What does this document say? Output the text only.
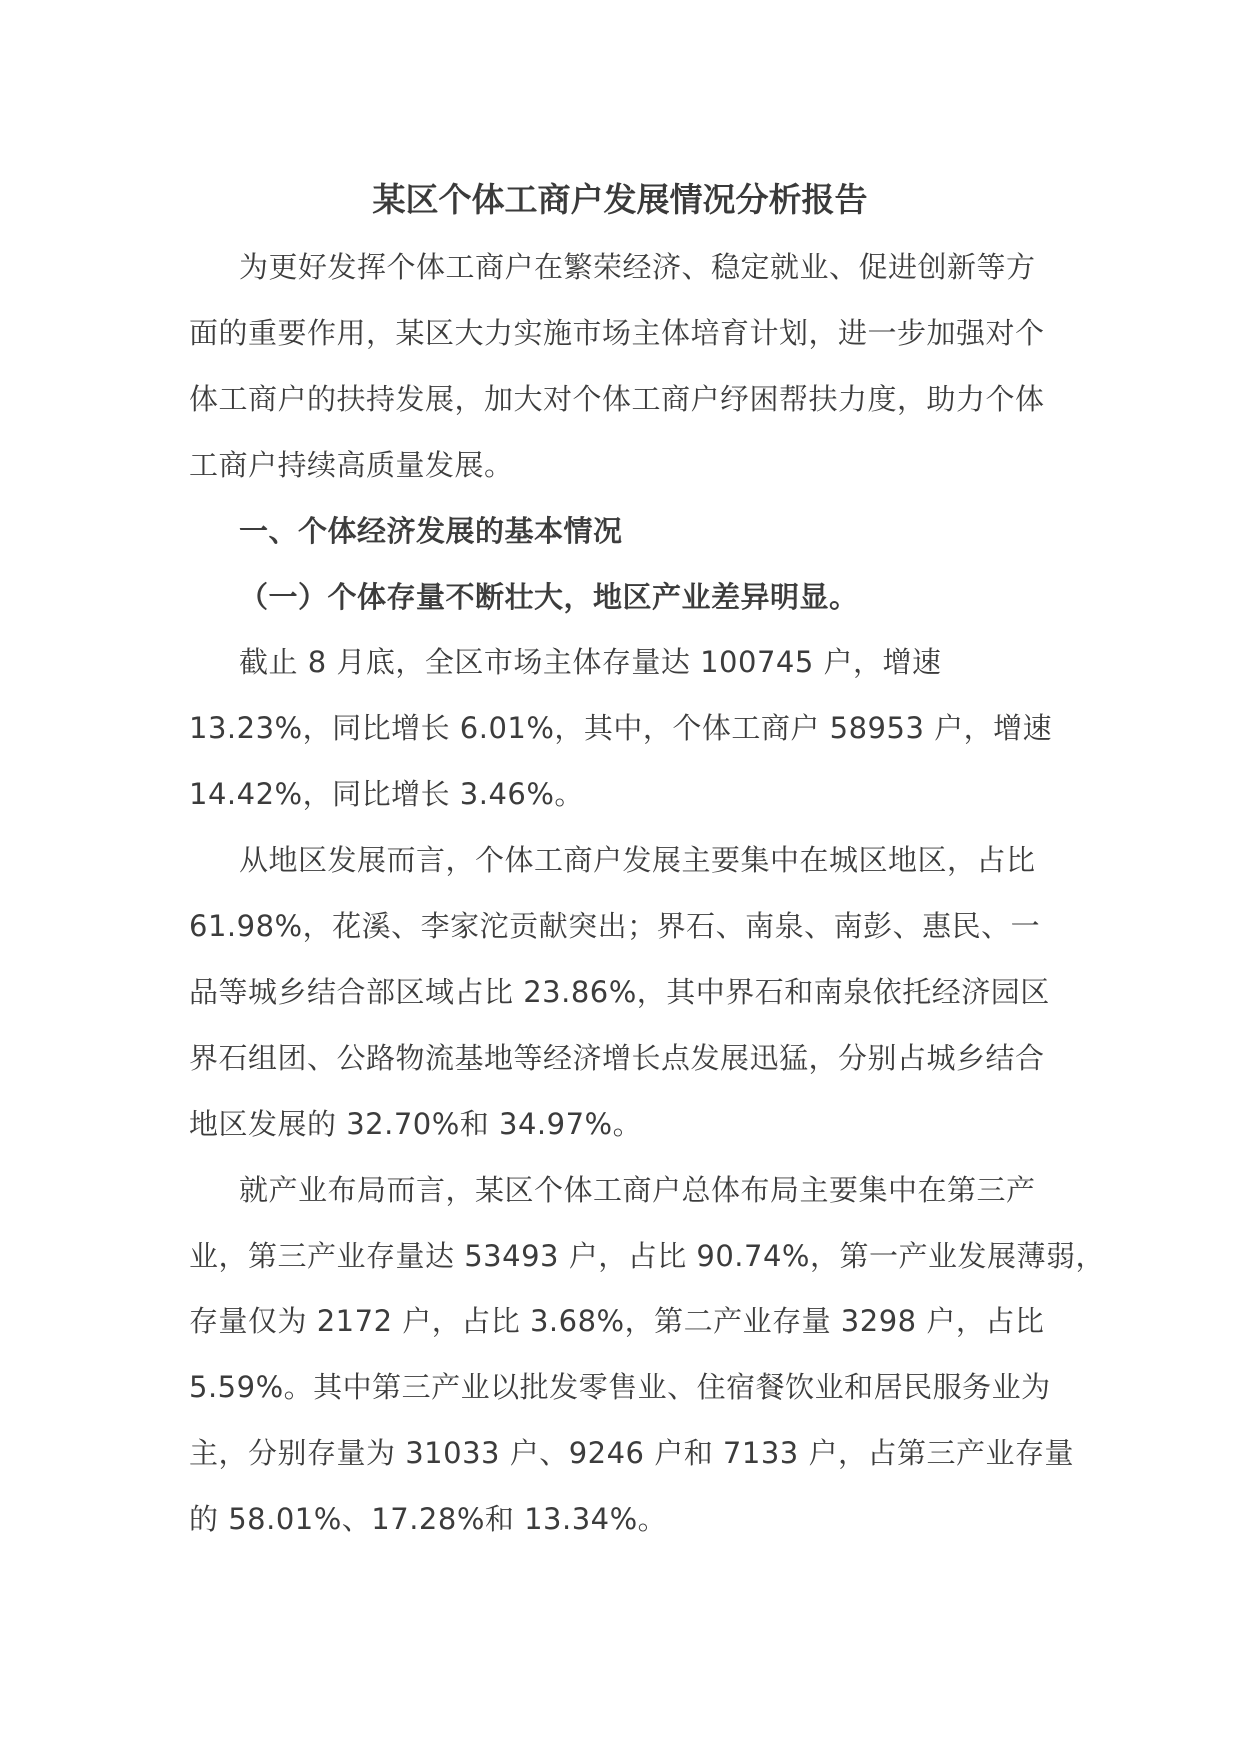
某区个体工商户发展情况分析报告
为更好发挥个体工商户在繁荣经济、稳定就业、促进创新等方
面的重要作用，某区大力实施市场主体培育计划，进一步加强对个
体工商户的扶持发展，加大对个体工商户纾困帮扶力度，助力个体
工商户持续高质量发展。
一、个体经济发展的基本情况
（一）个体存量不断壮大，地区产业差异明显。
截止 8 月底，全区市场主体存量达 100745 户，增速
13.23%，同比增长 6.01%，其中，个体工商户 58953 户，增速
14.42%，同比增长 3.46%。
从地区发展而言，个体工商户发展主要集中在城区地区，占比
61.98%，花溪、李家沱贡献突出；界石、南泉、南彭、惠民、一
品等城乡结合部区域占比 23.86%，其中界石和南泉依托经济园区
界石组团、公路物流基地等经济增长点发展迅猛，分别占城乡结合
地区发展的 32.70%和 34.97%。
就产业布局而言，某区个体工商户总体布局主要集中在第三产
业，第三产业存量达 53493 户，占比 90.74%，第一产业发展薄弱，
存量仅为 2172 户，占比 3.68%，第二产业存量 3298 户，占比
5.59%。其中第三产业以批发零售业、住宿餐饮业和居民服务业为
主，分别存量为 31033 户、9246 户和 7133 户，占第三产业存量
的 58.01%、17.28%和 13.34%。
